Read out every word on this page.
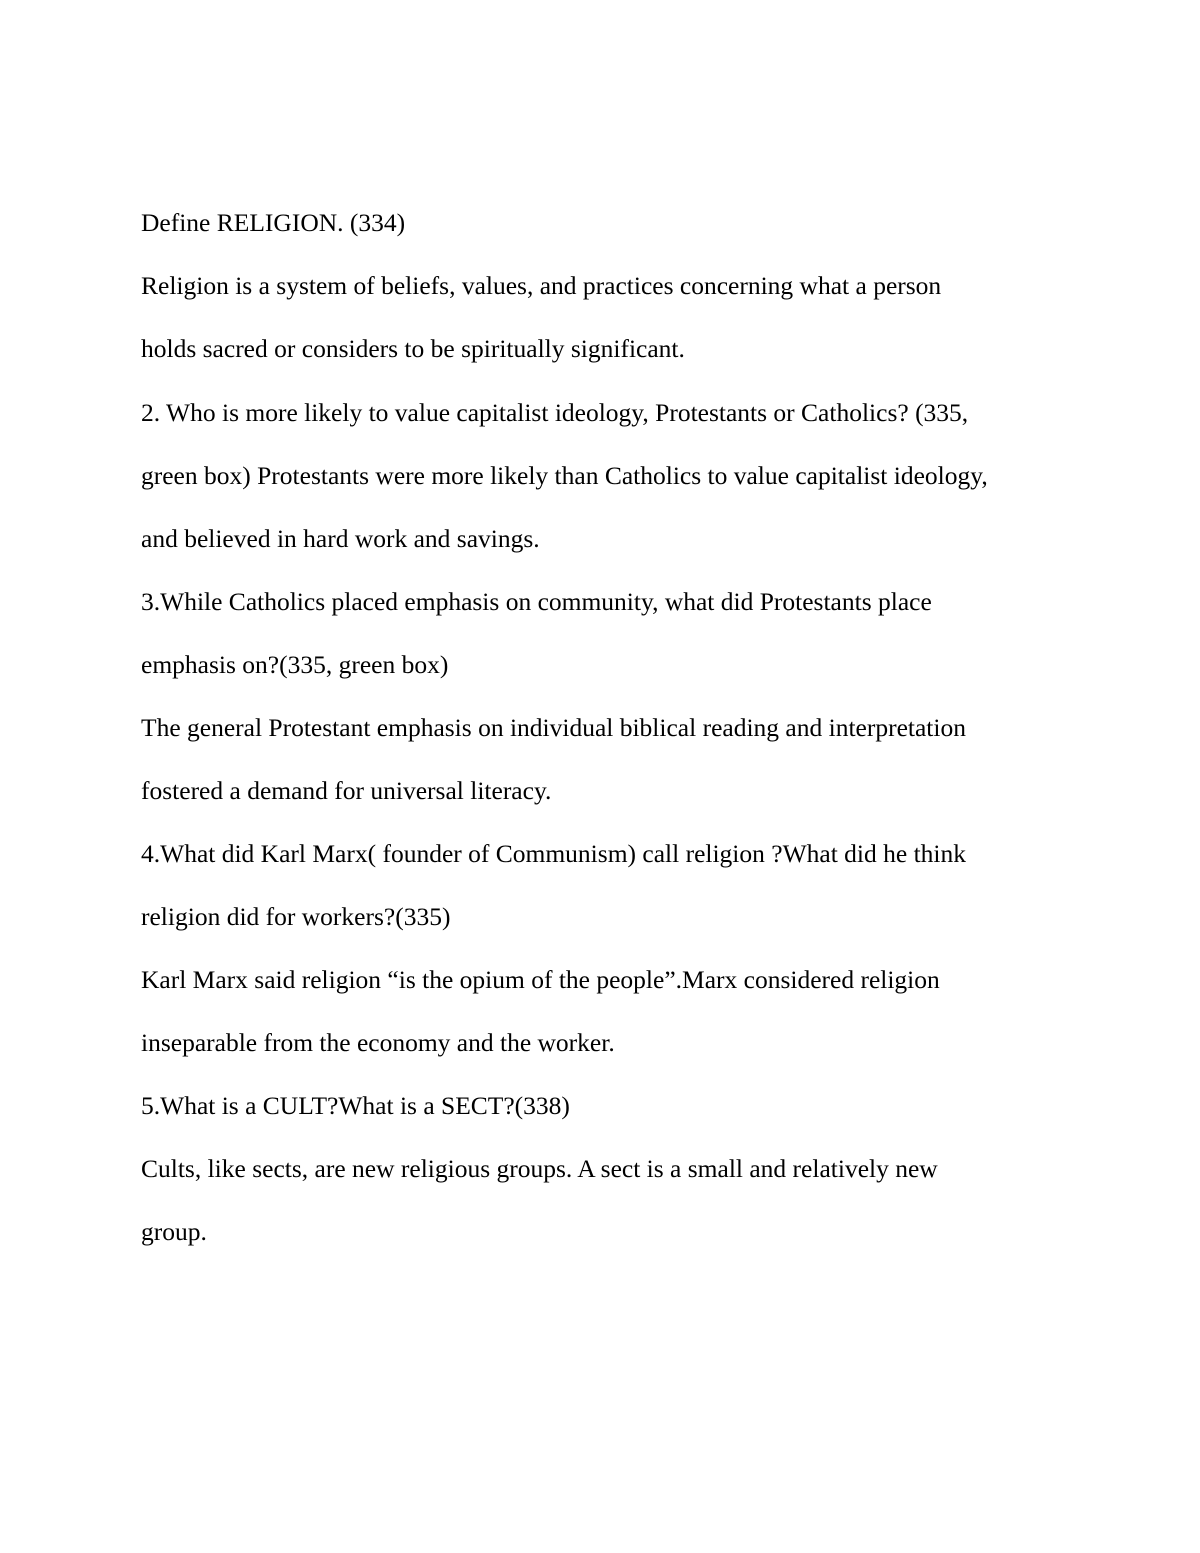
Define RELIGION. (334)

Religion is a system of beliefs, values, and practices concerning what a person

holds sacred or considers to be spiritually significant.

2. Who is more likely to value capitalist ideology, Protestants or Catholics? (335,

green box) Protestants were more likely than Catholics to value capitalist ideology,

and believed in hard work and savings.

3.While Catholics placed emphasis on community, what did Protestants place

emphasis on?(335, green box)

The general Protestant emphasis on individual biblical reading and interpretation

fostered a demand for universal literacy.

4.What did Karl Marx( founder of Communism) call religion ?What did he think

religion did for workers?(335)

Karl Marx said religion “is the opium of the people”.Marx considered religion

inseparable from the economy and the worker.

5.What is a CULT?What is a SECT?(338)

Cults, like sects, are new religious groups. A sect is a small and relatively new

group.
